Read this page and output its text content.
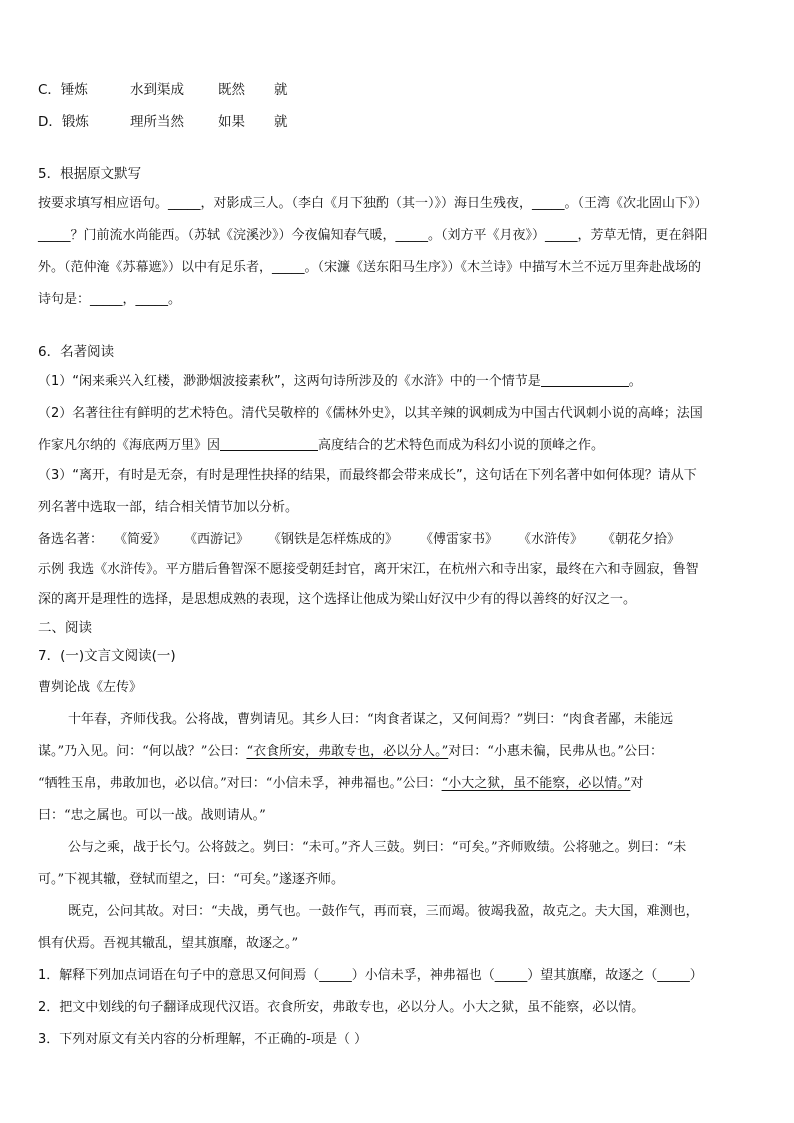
C．锤炼	水到渠成	既然 就
D．锻炼	理所当然	如果 就
5．根据原文默写
按要求填写相应语句。_____，对影成三人。（李白《月下独酌（其一）》）海日生残夜，_____。（王湾《次北固山下》）
_____？门前流水尚能西。（苏轼《浣溪沙》）今夜偏知春气暖，_____。（刘方平《月夜》）_____，芳草无情，更在斜阳
外。（范仲淹《苏幕遮》）以中有足乐者，_____。（宋濂《送东阳马生序》）《木兰诗》中描写木兰不远万里奔赴战场的
诗句是：_____，_____。
6．名著阅读
（1）“闲来乘兴入红楼，渺渺烟波接素秋”，这两句诗所涉及的《水浒》中的一个情节是	。
（2）名著往往有鲜明的艺术特色。清代吴敬梓的《儒林外史》，以其辛辣的讽刺成为中国古代讽刺小说的高峰；法国
作家凡尔纳的《海底两万里》因	高度结合的艺术特色而成为科幻小说的顶峰之作。
（3）“离开，有时是无奈，有时是理性抉择的结果，而最终都会带来成长”，这句话在下列名著中如何体现？请从下
列名著中选取一部，结合相关情节加以分析。
备选名著： 《简爱》 《西游记》 《钢铁是怎样炼成的》 《傅雷家书》 《水浒传》 《朝花夕拾》
示例 我选《水浒传》。平方腊后鲁智深不愿接受朝廷封官，离开宋江，在杭州六和寺出家，最终在六和寺圆寂，鲁智
深的离开是理性的选择，是思想成熟的表现，这个选择让他成为梁山好汉中少有的得以善终的好汉之一。
二、阅读
7．(一)文言文阅读(一)
曹刿论战《左传》
十年春，齐师伐我。公将战，曹刿请见。其乡人曰：“肉食者谋之，又何间焉？”刿曰：“肉食者鄙，未能远
谋。”乃入见。问：“何以战？”公曰：“衣食所安，弗敢专也，必以分人。”对曰：“小惠未徧，民弗从也。”公曰：
“牺牲玉帛，弗敢加也，必以信。”对曰：“小信未孚，神弗福也。”公曰：“小大之狱，虽不能察，必以情。”对
曰：“忠之属也。可以一战。战则请从。”
公与之乘，战于长勺。公将鼓之。刿曰：“未可。”齐人三鼓。刿曰：“可矣。”齐师败绩。公将驰之。刿曰：“未
可。”下视其辙，登轼而望之，曰：“可矣。”遂逐齐师。
既克，公问其故。对曰：“夫战，勇气也。一鼓作气，再而衰，三而竭。彼竭我盈，故克之。夫大国，难测也，
惧有伏焉。吾视其辙乱，望其旗靡，故逐之。”
1．解释下列加点词语在句子中的意思又何间焉（_____）小信未孚，神弗福也（_____）望其旗靡，故逐之（_____）
2．把文中划线的句子翻译成现代汉语。衣食所安，弗敢专也，必以分人。小大之狱，虽不能察，必以情。
3．下列对原文有关内容的分析理解，不正确的-项是（ ）
